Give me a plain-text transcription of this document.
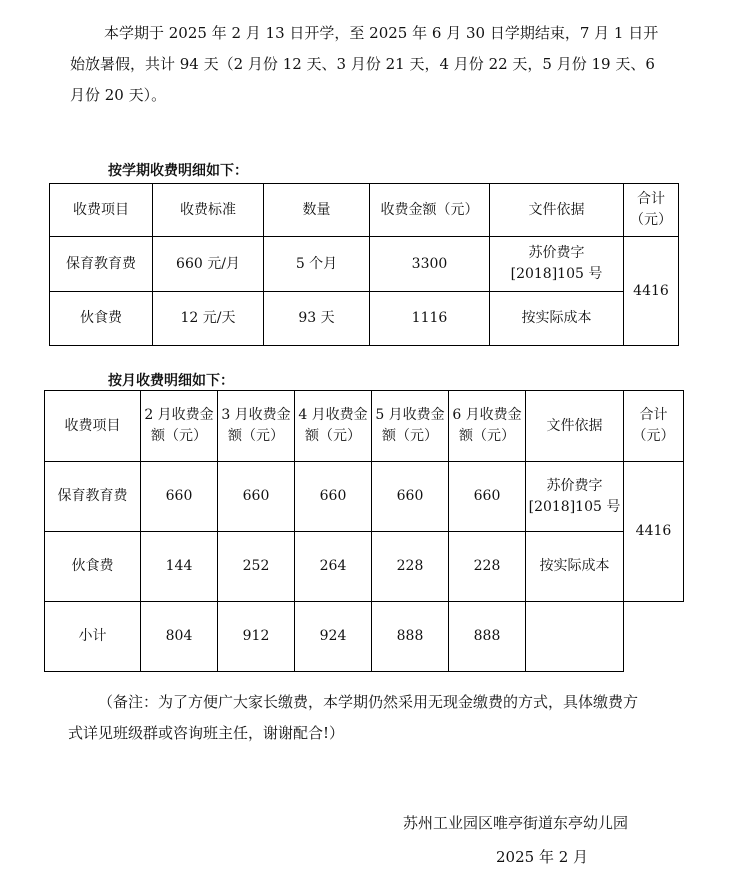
本学期于 2025 年 2 月 13 日开学，至 2025 年 6 月 30 日学期结束，7 月 1 日开始放暑假，共计 94 天（2 月份 12 天、3 月份 21 天，4 月份 22 天，5 月份 19 天、6 月份 20 天）。

按学期收费明细如下：
收费项目	收费标准	数量	收费金额（元）	文件依据	合计（元）
保育教育费	660 元/月	5 个月	3300	苏价费字[2018]105 号	4416
伙食费	12 元/天	93 天	1116	按实际成本	
按月收费明细如下：
收费项目	2 月收费金额（元）	3 月收费金额（元）	4 月收费金额（元）	5 月收费金额（元）	6 月收费金额（元）	文件依据	合计（元）
保育教育费	660	660	660	660	660	苏价费字[2018]105 号	4416
伙食费	144	252	264	228	228	按实际成本	
小计	804	912	924	888	888		

（备注：为了方便广大家长缴费，本学期仍然采用无现金缴费的方式，具体缴费方式详见班级群或咨询班主任，谢谢配合!）

苏州工业园区唯亭街道东亭幼儿园
2025 年 2 月
